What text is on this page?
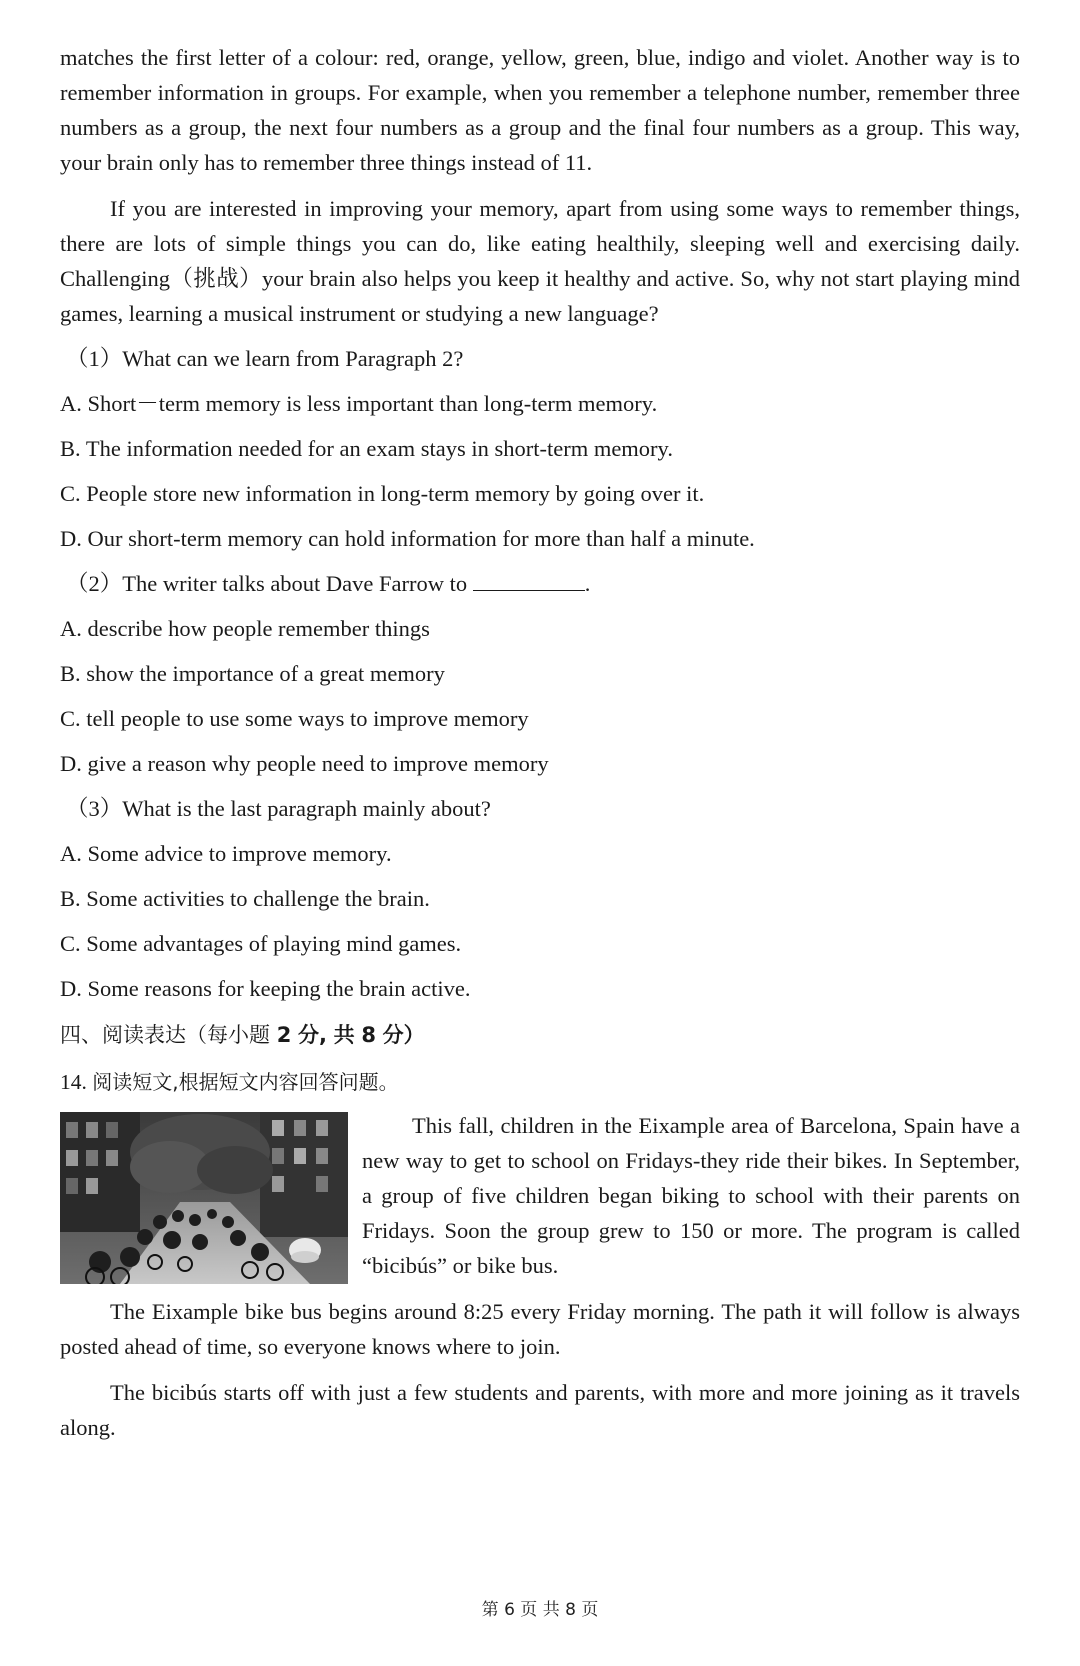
matches the first letter of a colour: red, orange, yellow, green, blue, indigo and violet. Another way is to remember information in groups. For example, when you remember a telephone number, remember three numbers as a group, the next four numbers as a group and the final four numbers as a group. This way, your brain only has to remember three things instead of 11.

If you are interested in improving your memory, apart from using some ways to remember things, there are lots of simple things you can do, like eating healthily, sleeping well and exercising daily. Challenging（挑战）your brain also helps you keep it healthy and active. So, why not start playing mind games, learning a musical instrument or studying a new language?

（1）What can we learn from Paragraph 2?

A. Short－term memory is less important than long-term memory.

B. The information needed for an exam stays in short-term memory.

C. People store new information in long-term memory by going over it.

D. Our short-term memory can hold information for more than half a minute.

（2）The writer talks about Dave Farrow to	.

A. describe how people remember things

B. show the importance of a great memory

C. tell people to use some ways to improve memory

D. give a reason why people need to improve memory

（3）What is the last paragraph mainly about?

A. Some advice to improve memory.

B. Some activities to challenge the brain.

C. Some advantages of playing mind games.

D. Some reasons for keeping the brain active.

四、阅读表达（每小题 2 分, 共 8 分）

14. 阅读短文,根据短文内容回答问题。

This fall, children in the Eixample area of Barcelona, Spain have a new way to get to school on Fridays-they ride their bikes. In September, a group of five children began biking to school with their parents on Fridays. Soon the group grew to 150 or more. The program is called “bicibús” or bike bus.

The Eixample bike bus begins around 8:25 every Friday morning. The path it will follow is always posted ahead of time, so everyone knows where to join.

The bicibús starts off with just a few students and parents, with more and more joining as it travels along.

第 6 页 共 8 页
